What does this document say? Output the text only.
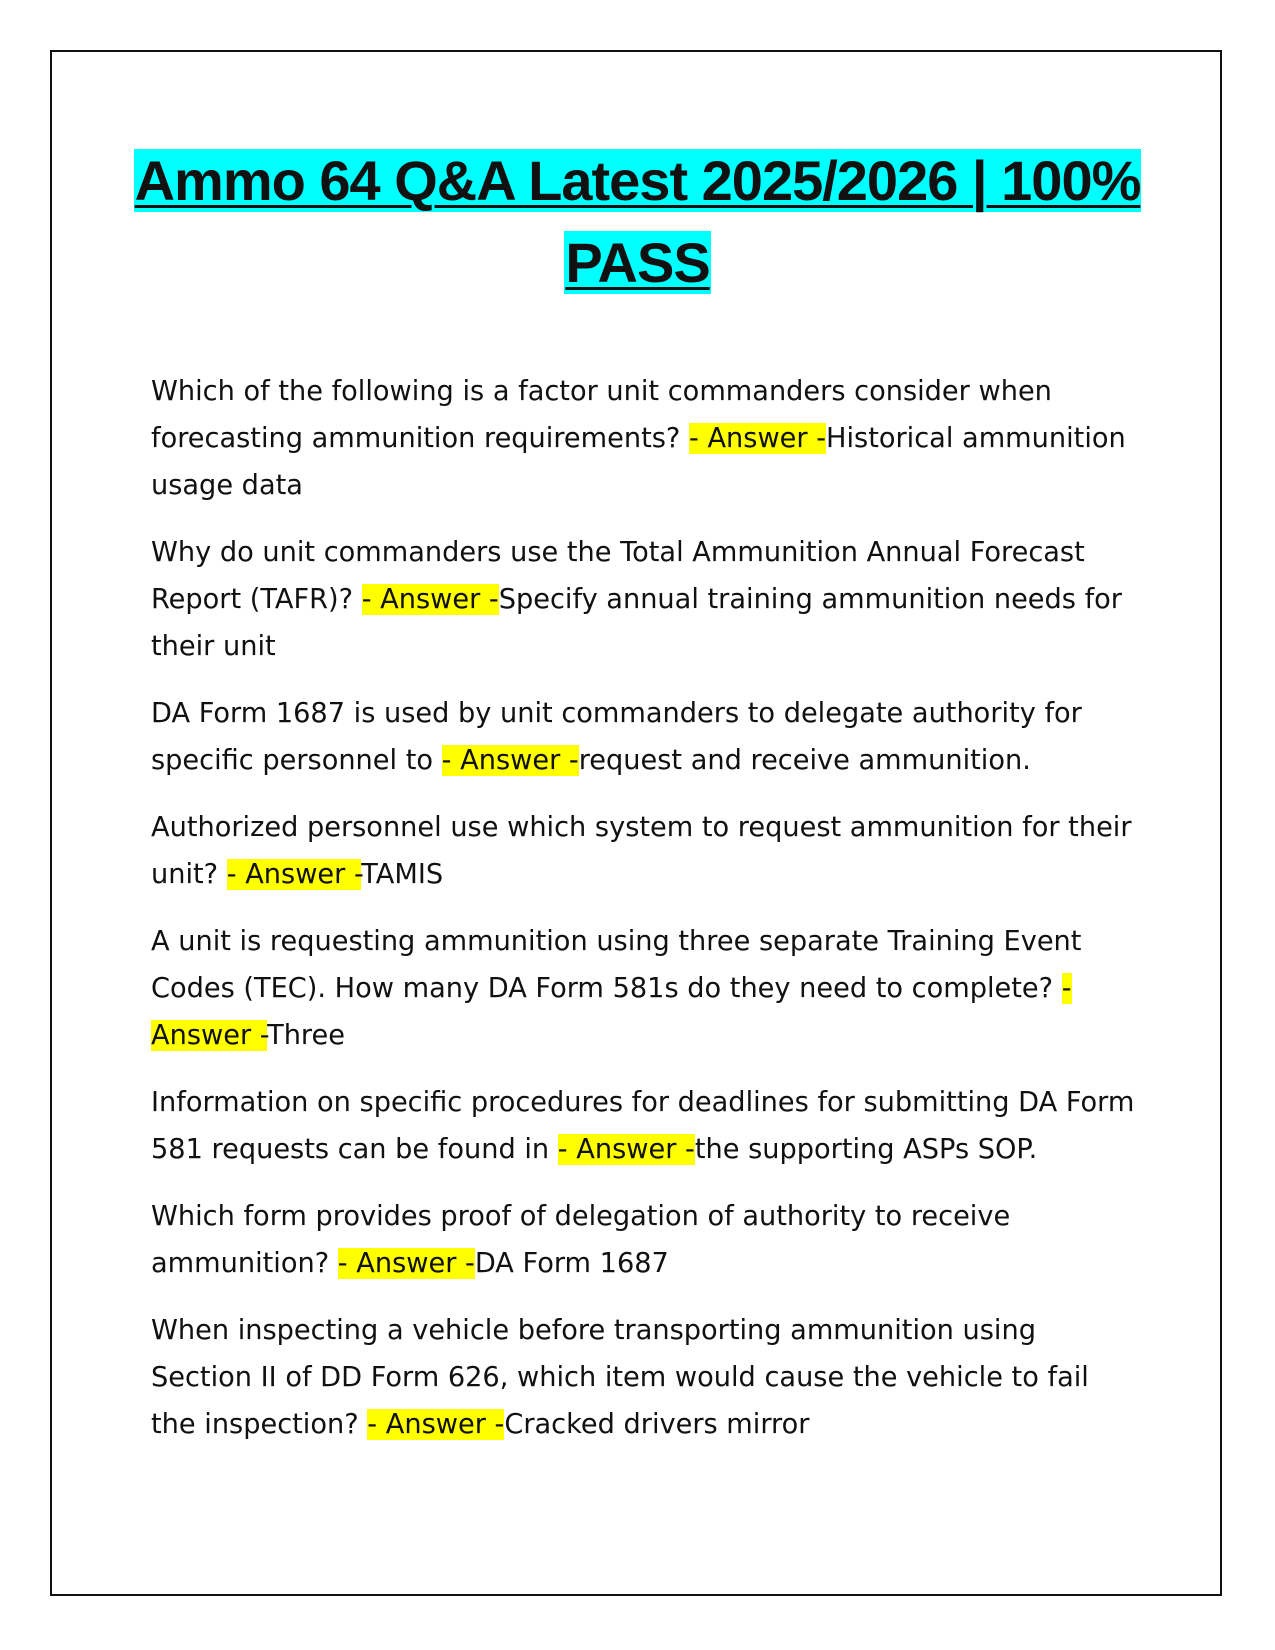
Ammo 64 Q&A Latest 2025/2026 | 100% PASS
Which of the following is a factor unit commanders consider when forecasting ammunition requirements? - Answer -Historical ammunition usage data
Why do unit commanders use the Total Ammunition Annual Forecast Report (TAFR)? - Answer -Specify annual training ammunition needs for their unit
DA Form 1687 is used by unit commanders to delegate authority for specific personnel to - Answer -request and receive ammunition.
Authorized personnel use which system to request ammunition for their unit? - Answer -TAMIS
A unit is requesting ammunition using three separate Training Event Codes (TEC). How many DA Form 581s do they need to complete? - Answer -Three
Information on specific procedures for deadlines for submitting DA Form 581 requests can be found in - Answer -the supporting ASPs SOP.
Which form provides proof of delegation of authority to receive ammunition? - Answer -DA Form 1687
When inspecting a vehicle before transporting ammunition using Section II of DD Form 626, which item would cause the vehicle to fail the inspection? - Answer -Cracked drivers mirror
